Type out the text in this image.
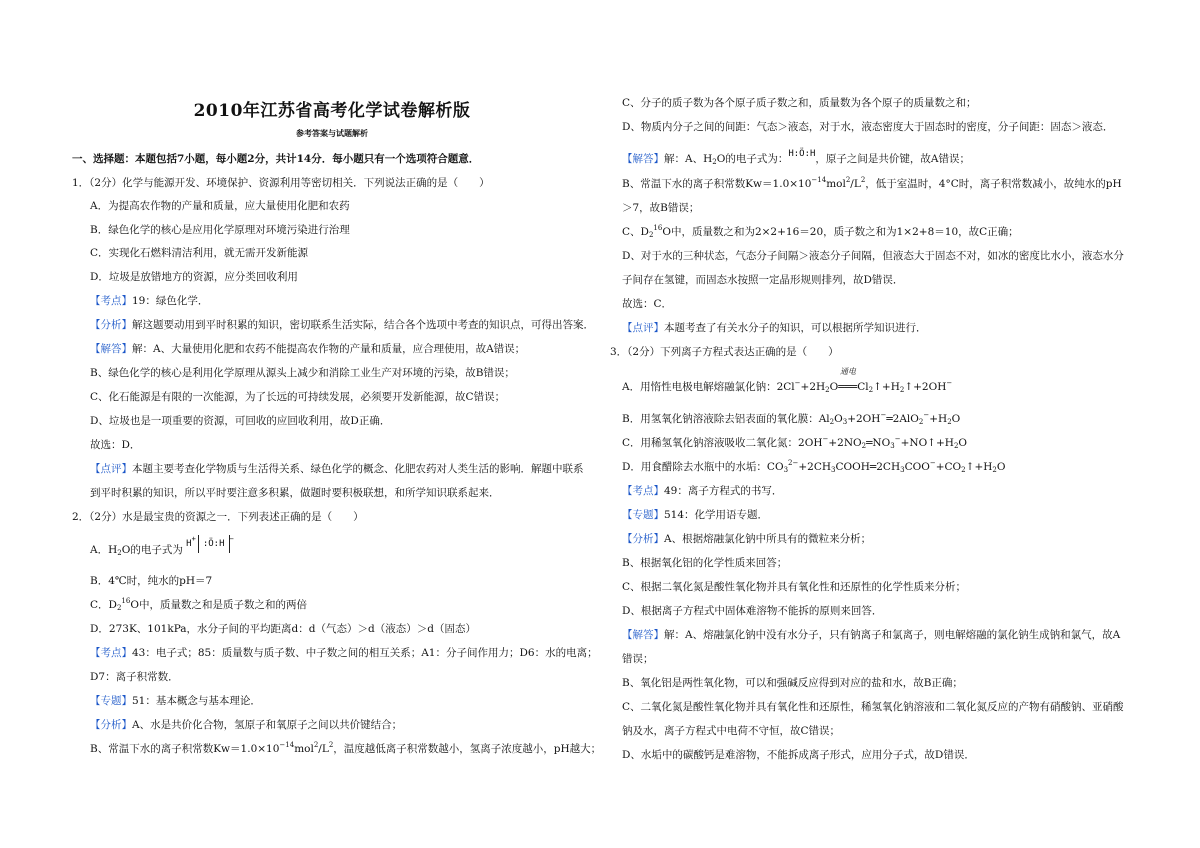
2010年江苏省高考化学试卷解析版
参考答案与试题解析
一、选择题：本题包括7小题，每小题2分，共计14分．每小题只有一个选项符合题意．
1．（2分）化学与能源开发、环境保护、资源利用等密切相关．下列说法正确的是（　　）
A．为提高农作物的产量和质量，应大量使用化肥和农药
B．绿色化学的核心是应用化学原理对环境污染进行治理
C．实现化石燃料清洁利用，就无需开发新能源
D．垃圾是放错地方的资源，应分类回收利用
【考点】19：绿色化学．
【分析】解这题要动用到平时积累的知识，密切联系生活实际，结合各个选项中考查的知识点，可得出答案．
【解答】解：A、大量使用化肥和农药不能提高农作物的产量和质量，应合理使用，故A错误；
B、绿色化学的核心是利用化学原理从源头上减少和消除工业生产对环境的污染，故B错误；
C、化石能源是有限的一次能源，为了长远的可持续发展，必须要开发新能源，故C错误；
D、垃圾也是一项重要的资源，可回收的应回收利用，故D正确．
故选：D．
【点评】本题主要考查化学物质与生活得关系、绿色化学的概念、化肥农药对人类生活的影响．解题中联系
到平时积累的知识，所以平时要注意多积累，做题时要积极联想，和所学知识联系起来．
2．（2分）水是最宝贵的资源之一．下列表述正确的是（　　）
A．$H_2O$的电子式为 H+ :Ö:H −
B．4℃时，纯水的pH＝7
C．$D_2^{16}O$中，质量数之和是质子数之和的两倍
D．273K、101kPa，水分子间的平均距离d：d（气态）＞d（液态）＞d（固态）
【考点】43：电子式；85：质量数与质子数、中子数之间的相互关系；A1：分子间作用力；D6：水的电离；
D7：离子积常数．
【专题】51：基本概念与基本理论．
【分析】A、水是共价化合物，氢原子和氧原子之间以共价键结合；
B、常温下水的离子积常数$Kw=1.0\times 10^{-14}mol^2/L^2$，温度越低离子积常数越小，氢离子浓度越小，pH越大；
C、分子的质子数为各个原子质子数之和，质量数为各个原子的质量数之和；
D、物质内分子之间的间距：气态＞液态，对于水，液态密度大于固态时的密度，分子间距：固态＞液态．
【解答】解：A、$H_2O$的电子式为：H:Ö:H，原子之间是共价键，故A错误；
B、常温下水的离子积常数$Kw=1.0\times 10^{-14}mol^2/L^2$，低于室温时，4°C时，离子积常数减小，故纯水的pH
＞7，故B错误；
C、$D_2^{16}O$中，质量数之和为2×2+16＝20，质子数之和为1×2+8＝10，故C正确；
D、对于水的三种状态，气态分子间隔＞液态分子间隔，但液态大于固态不对，如冰的密度比水小，液态水分
子间存在氢键，而固态水按照一定晶形规则排列，故D错误．
故选：C．
【点评】本题考查了有关水分子的知识，可以根据所学知识进行．
3．（2分）下列离子方程式表达正确的是（　　）
通电
A．用惰性电极电解熔融氯化钠：$2Cl^-+2H_2O═══Cl_2↑+H_2↑+2OH^-$
B．用氢氧化钠溶液除去铝表面的氧化膜：$Al_2O_3+2OH^-═2AlO_2^-+H_2O$
C．用稀氢氧化钠溶液吸收二氧化氮：$2OH^-+2NO_2═NO_3^-+NO↑+H_2O$
D．用食醋除去水瓶中的水垢：$CO_3^{2-}+2CH_3COOH═2CH_3COO^-+CO_2↑+H_2O$
【考点】49：离子方程式的书写．
【专题】514：化学用语专题．
【分析】A、根据熔融氯化钠中所具有的微粒来分析；
B、根据氧化铝的化学性质来回答；
C、根据二氧化氮是酸性氧化物并具有氧化性和还原性的化学性质来分析；
D、根据离子方程式中固体难溶物不能拆的原则来回答．
【解答】解：A、熔融氯化钠中没有水分子，只有钠离子和氯离子，则电解熔融的氯化钠生成钠和氯气，故A
错误；
B、氧化铝是两性氧化物，可以和强碱反应得到对应的盐和水，故B正确；
C、二氧化氮是酸性氧化物并具有氧化性和还原性，稀氢氧化钠溶液和二氧化氮反应的产物有硝酸钠、亚硝酸
钠及水，离子方程式中电荷不守恒，故C错误；
D、水垢中的碳酸钙是难溶物，不能拆成离子形式，应用分子式，故D错误．
